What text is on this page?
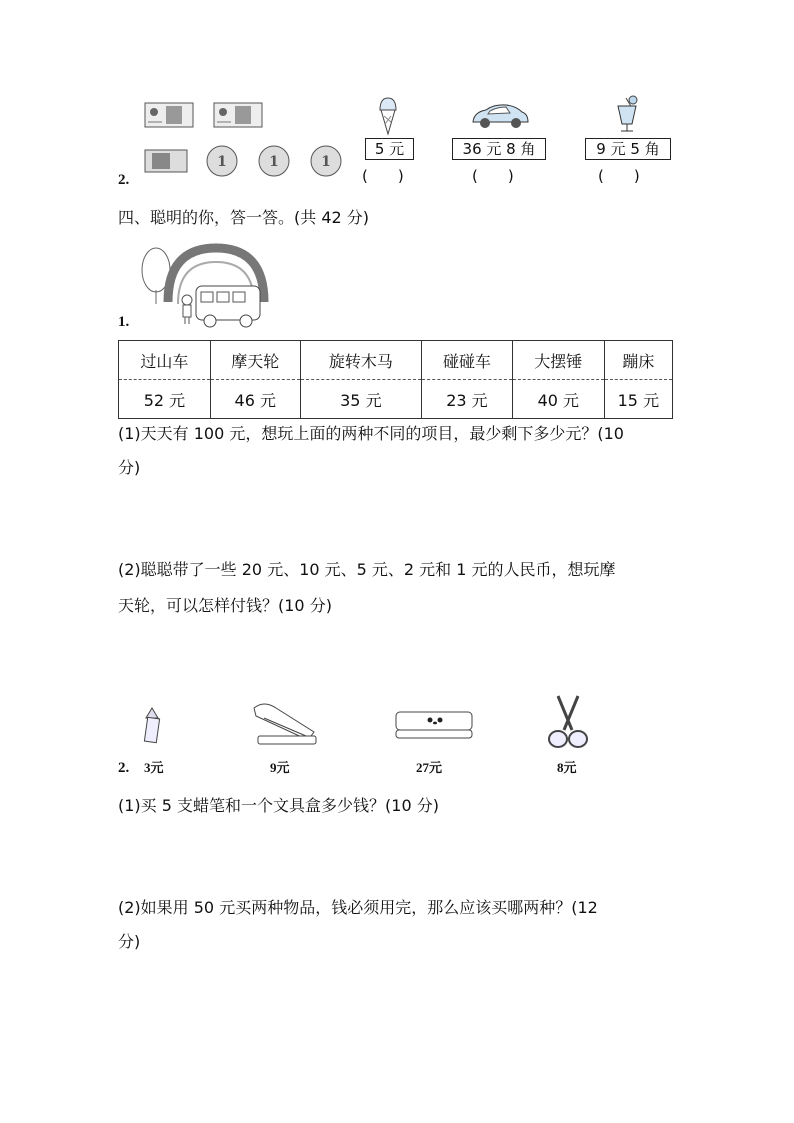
1	1	1
2.
5 元
(　　)
36 元 8 角
(　　)
9 元 5 角
(　　)
四、聪明的你，答一答。(共 42 分)
1.
过山车	摩天轮	旋转木马	碰碰车	大摆锤	蹦床
52 元	46 元	35 元	23 元	40 元	15 元
(1)天天有 100 元，想玩上面的两种不同的项目，最少剩下多少元？(10
分)
(2)聪聪带了一些 20 元、10 元、5 元、2 元和 1 元的人民币，想玩摩
天轮，可以怎样付钱？(10 分)
2. 3元	9元	27元	8元
(1)买 5 支蜡笔和一个文具盒多少钱？(10 分)
(2)如果用 50 元买两种物品，钱必须用完，那么应该买哪两种？(12
分)
